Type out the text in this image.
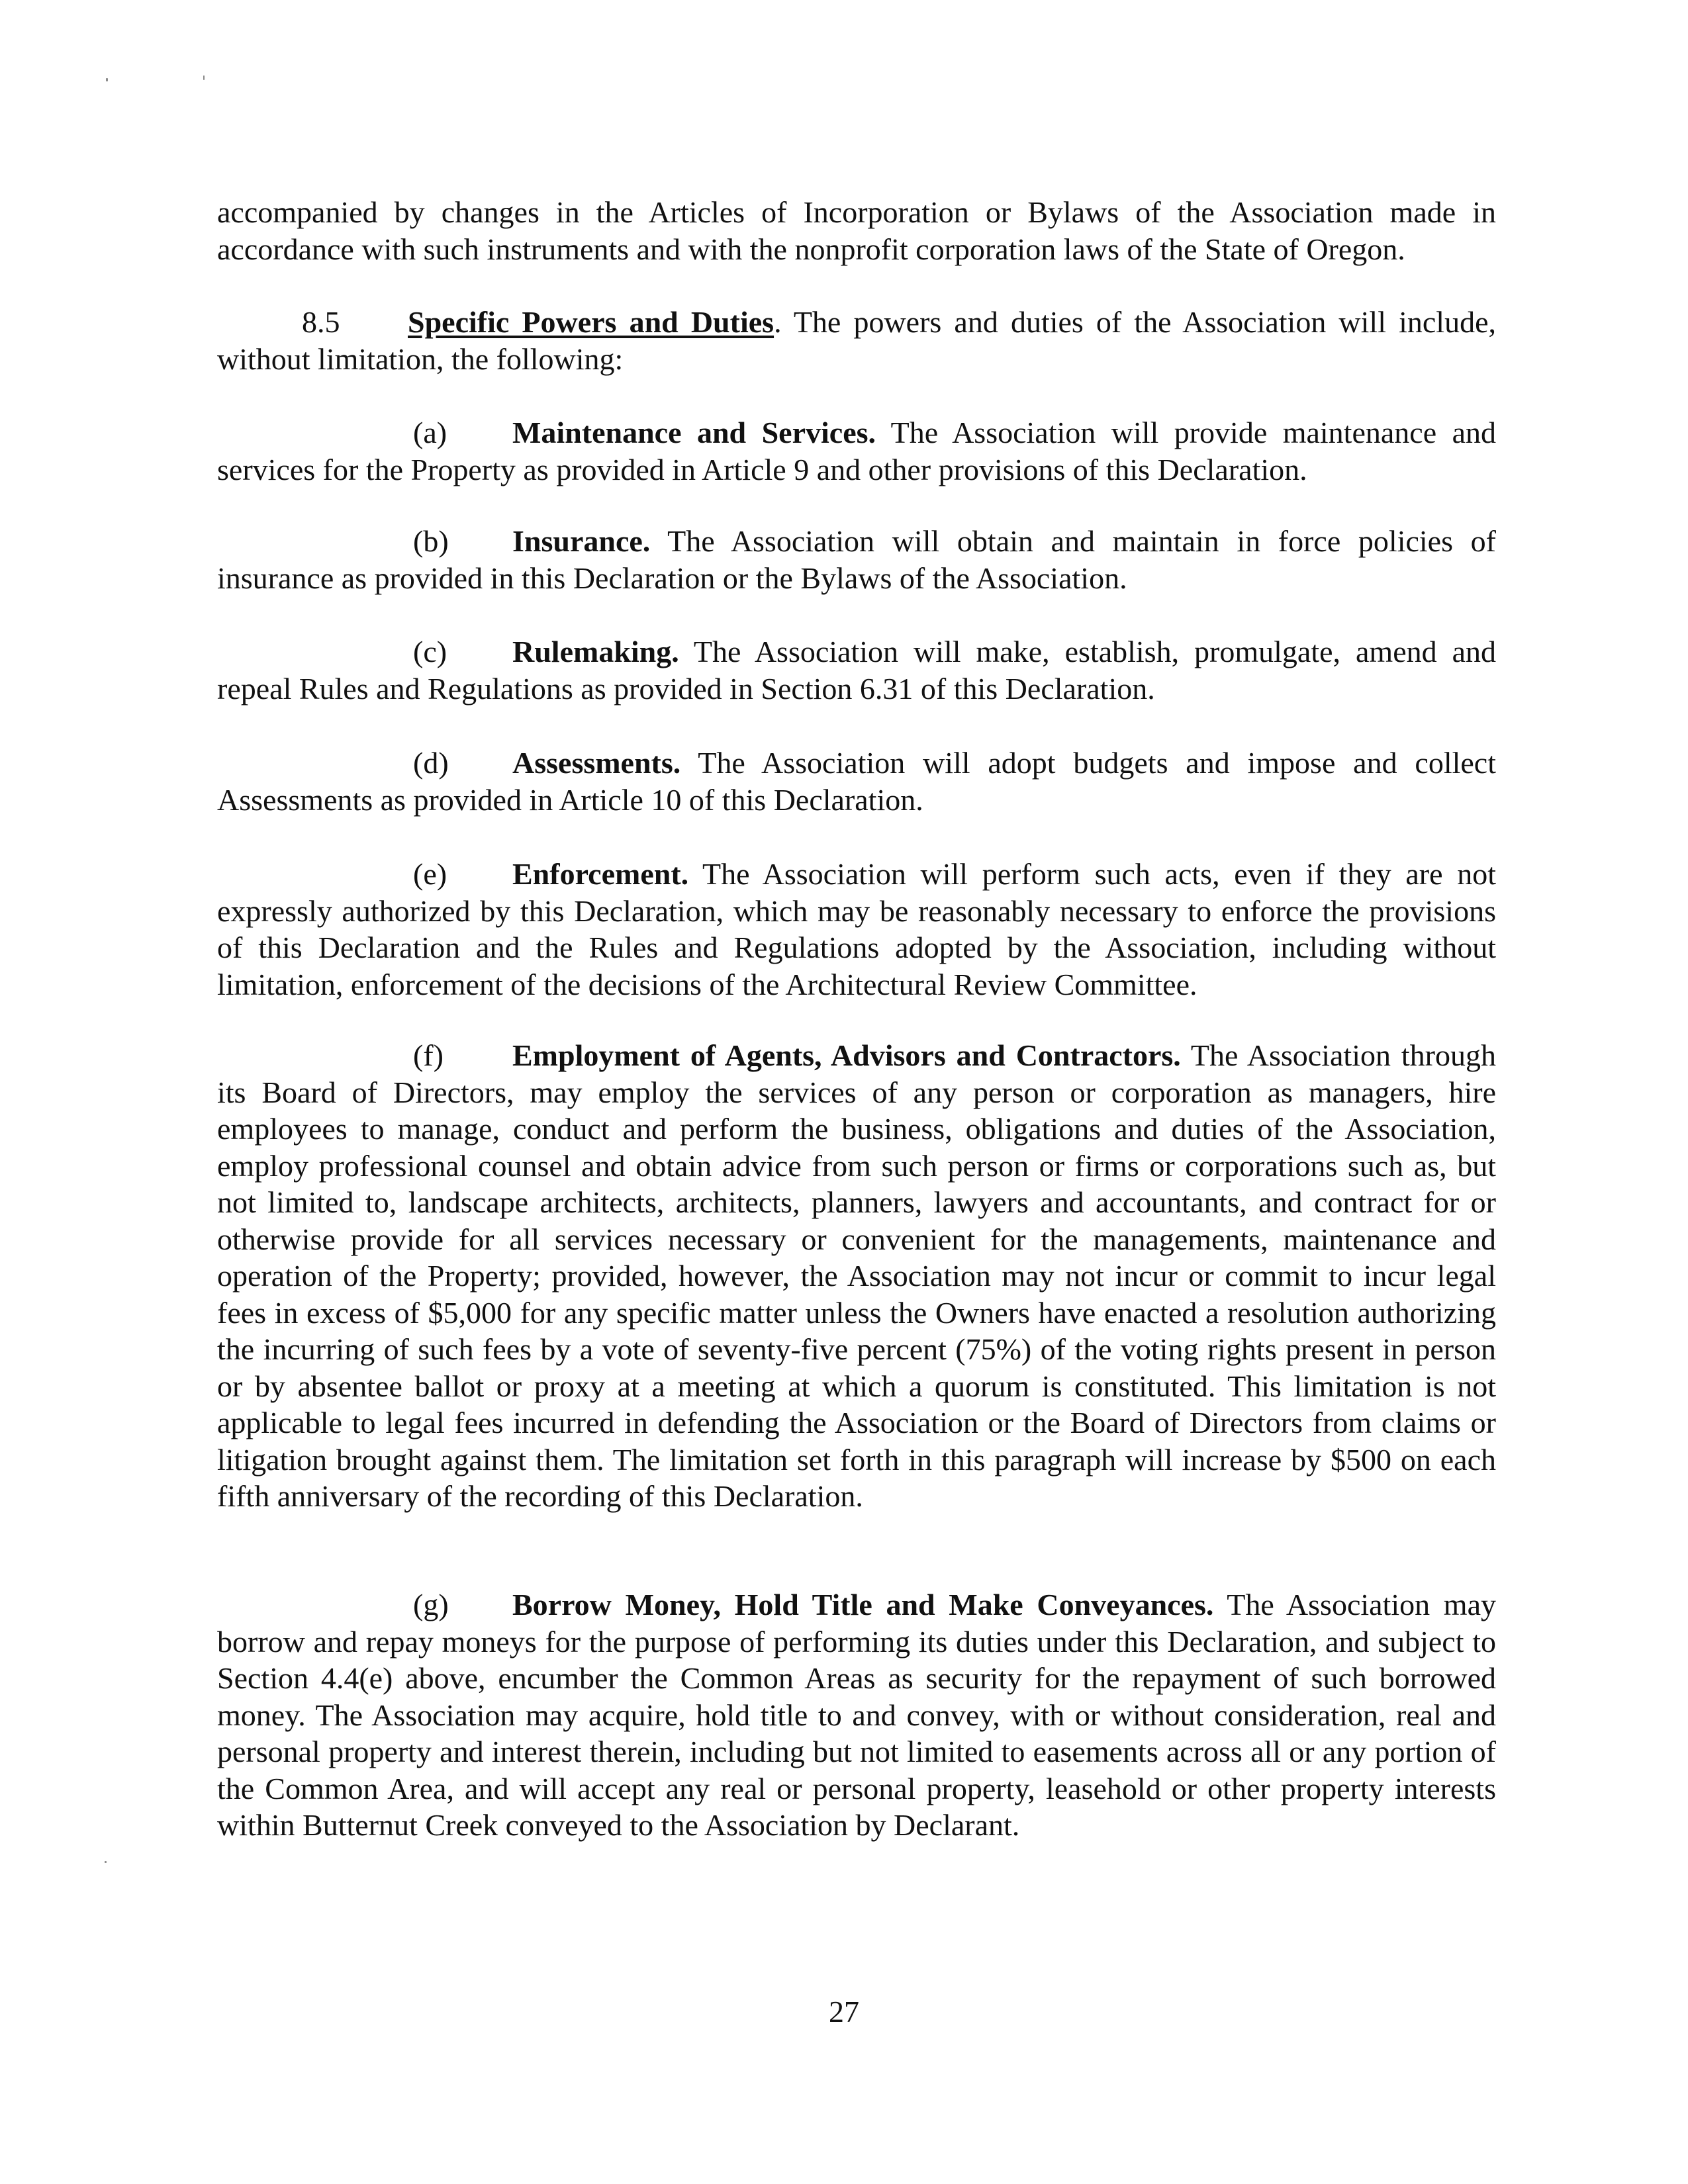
accompanied by changes in the Articles of Incorporation or Bylaws of the Association made in accordance with such instruments and with the nonprofit corporation laws of the State of Oregon.

8.5 Specific Powers and Duties. The powers and duties of the Association will include, without limitation, the following:

(a) Maintenance and Services. The Association will provide maintenance and services for the Property as provided in Article 9 and other provisions of this Declaration.

(b) Insurance. The Association will obtain and maintain in force policies of insurance as provided in this Declaration or the Bylaws of the Association.

(c) Rulemaking. The Association will make, establish, promulgate, amend and repeal Rules and Regulations as provided in Section 6.31 of this Declaration.

(d) Assessments. The Association will adopt budgets and impose and collect Assessments as provided in Article 10 of this Declaration.

(e) Enforcement. The Association will perform such acts, even if they are not expressly authorized by this Declaration, which may be reasonably necessary to enforce the provisions of this Declaration and the Rules and Regulations adopted by the Association, including without limitation, enforcement of the decisions of the Architectural Review Committee.

(f) Employment of Agents, Advisors and Contractors. The Association through its Board of Directors, may employ the services of any person or corporation as managers, hire employees to manage, conduct and perform the business, obligations and duties of the Association, employ professional counsel and obtain advice from such person or firms or corporations such as, but not limited to, landscape architects, architects, planners, lawyers and accountants, and contract for or otherwise provide for all services necessary or convenient for the managements, maintenance and operation of the Property; provided, however, the Association may not incur or commit to incur legal fees in excess of $5,000 for any specific matter unless the Owners have enacted a resolution authorizing the incurring of such fees by a vote of seventy-five percent (75%) of the voting rights present in person or by absentee ballot or proxy at a meeting at which a quorum is constituted. This limitation is not applicable to legal fees incurred in defending the Association or the Board of Directors from claims or litigation brought against them. The limitation set forth in this paragraph will increase by $500 on each fifth anniversary of the recording of this Declaration.

(g) Borrow Money, Hold Title and Make Conveyances. The Association may borrow and repay moneys for the purpose of performing its duties under this Declaration, and subject to Section 4.4(e) above, encumber the Common Areas as security for the repayment of such borrowed money. The Association may acquire, hold title to and convey, with or without consideration, real and personal property and interest therein, including but not limited to easements across all or any portion of the Common Area, and will accept any real or personal property, leasehold or other property interests within Butternut Creek conveyed to the Association by Declarant.

27
